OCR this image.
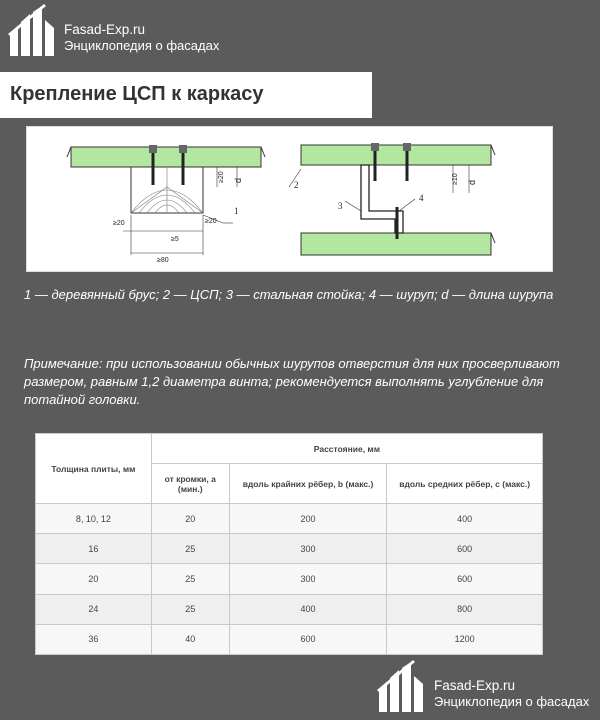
Fasad-Exp.ru
Энциклопедия о фасадах
Крепление ЦСП к каркасу
1
2
3
4
≥20	≥20
≥5
≥80
≥20	≥10
d	d
1 — деревянный брус; 2 — ЦСП; 3 — стальная стойка; 4 — шуруп; d — длина шурупа
Примечание: при использовании обычных шурупов отверстия для них просверливают размером, равным 1,2 диаметра винта; рекомендуется выполнять углубление для потайной головки.
Толщина плиты, мм	Расстояние, мм		
	от кромки, a (мин.)	вдоль крайних рёбер, b (макс.)	вдоль средних рёбер, c (макс.)
8, 10, 12	20	200	400
16	25	300	600
20	25	300	600
24	25	400	800
36	40	600	1200
Fasad-Exp.ru
Энциклопедия о фасадах
